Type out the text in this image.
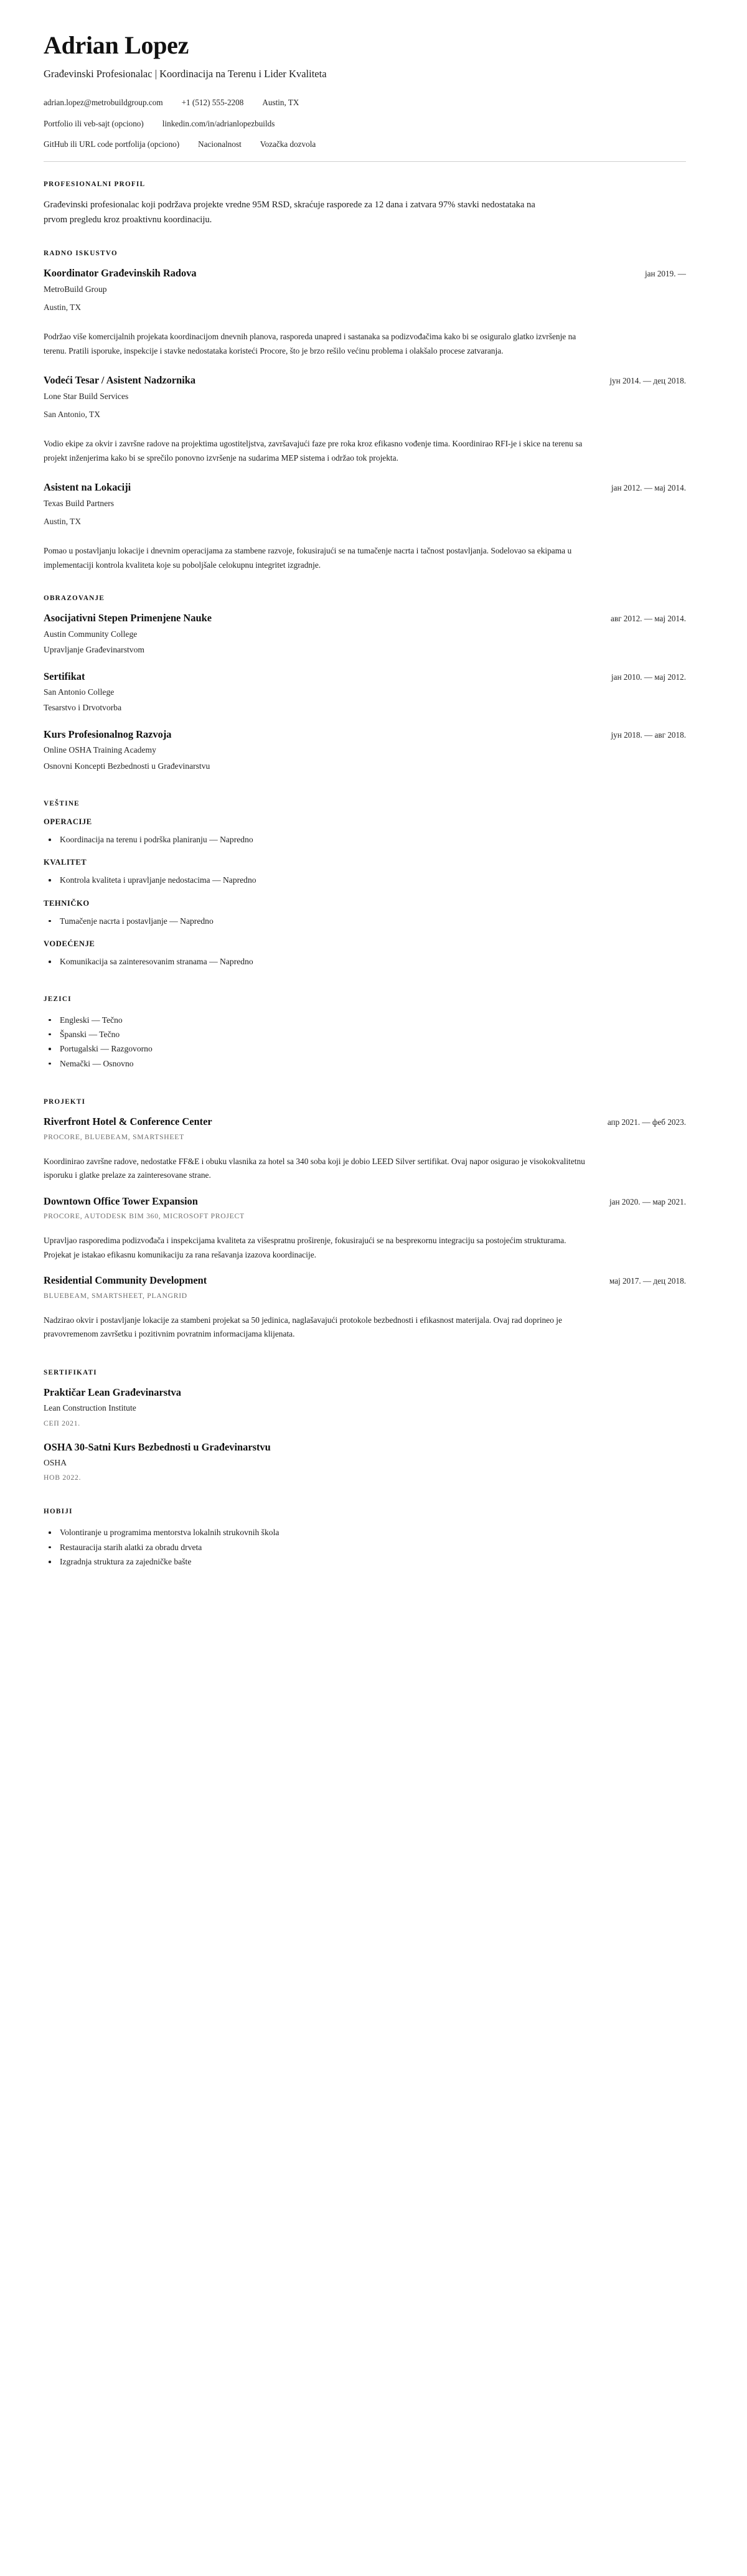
Adrian Lopez
Građevinski Profesionalac | Koordinacija na Terenu i Lider Kvaliteta
adrian.lopez@metrobuildgroup.com +1 (512) 555-2208 Austin, TX
Portfolio ili veb-sajt (opciono) linkedin.com/in/adrianlopezbuilds
GitHub ili URL code portfolija (opciono) Nacionalnost Vozačka dozvola
PROFESIONALNI PROFIL

Građevinski profesionalac koji podržava projekte vredne 95M RSD, skraćuje rasporede za 12 dana i zatvara 97% stavki nedostataka na prvom pregledu kroz proaktivnu koordinaciju.

RADNO ISKUSTVO
Koordinator Građevinskih Radova	јан 2019. —
MetroBuild Group
Austin, TX

Podržao više komercijalnih projekata koordinacijom dnevnih planova, rasporeda unapred i sastanaka sa podizvođačima kako bi se osiguralo glatko izvršenje na terenu. Pratili isporuke, inspekcije i stavke nedostataka koristeći Procore, što je brzo rešilo većinu problema i olakšalo procese zatvaranja.

Vodeći Tesar / Asistent Nadzornika	јун 2014. — дец 2018.
Lone Star Build Services
San Antonio, TX

Vodio ekipe za okvir i završne radove na projektima ugostiteljstva, završavajući faze pre roka kroz efikasno vođenje tima. Koordinirao RFI-je i skice na terenu sa projekt inženjerima kako bi se sprečilo ponovno izvršenje na sudarima MEP sistema i održao tok projekta.

Asistent na Lokaciji	јан 2012. — мај 2014.
Texas Build Partners
Austin, TX

Pomao u postavljanju lokacije i dnevnim operacijama za stambene razvoje, fokusirajući se na tumačenje nacrta i tačnost postavljanja. Sodelovao sa ekipama u implementaciji kontrola kvaliteta koje su poboljšale celokupnu integritet izgradnje.

OBRAZOVANJE
Asocijativni Stepen Primenjene Nauke	авг 2012. — мај 2014.
Austin Community College
Upravljanje Građevinarstvom
Sertifikat	јан 2010. — мај 2012.
San Antonio College
Tesarstvo i Drvotvorba
Kurs Profesionalnog Razvoja	јун 2018. — авг 2018.
Online OSHA Training Academy
Osnovni Koncepti Bezbednosti u Građevinarstvu
VEŠTINE
OPERACIJE
Koordinacija na terenu i podrška planiranju — Napredno
KVALITET
Kontrola kvaliteta i upravljanje nedostacima — Napredno
TEHNIČKO
Tumačenje nacrta i postavljanje — Napredno
VODEĆENJE
Komunikacija sa zainteresovanim stranama — Napredno
JEZICI
Engleski — Tečno
Španski — Tečno
Portugalski — Razgovorno
Nemački — Osnovno
PROJEKTI
Riverfront Hotel & Conference Center	апр 2021. — феб 2023.
PROCORE, BLUEBEAM, SMARTSHEET

Koordinirao završne radove, nedostatke FF&E i obuku vlasnika za hotel sa 340 soba koji je dobio LEED Silver sertifikat. Ovaj napor osigurao je visokokvalitetnu isporuku i glatke prelaze za zainteresovane strane.

Downtown Office Tower Expansion	јан 2020. — мар 2021.
PROCORE, AUTODESK BIM 360, MICROSOFT PROJECT

Upravljao rasporedima podizvođača i inspekcijama kvaliteta za višespratnu proširenje, fokusirajući se na bespreкornu integraciju sa postojećim strukturama. Projekat je istakao efikasnu komunikaciju za rana rešavanja izazova koordinacije.

Residential Community Development	мај 2017. — дец 2018.
BLUEBEAM, SMARTSHEET, PLANGRID

Nadzirao okvir i postavljanje lokacije za stambeni projekat sa 50 jedinica, naglašavajući protokole bezbednosti i efikasnost materijala. Ovaj rad doprineo je pravovremenom završetku i pozitivnim povratnim informacijama klijenata.

SERTIFIKATI
Praktičar Lean Građevinarstva
Lean Construction Institute
СЕП 2021.
OSHA 30-Satni Kurs Bezbednosti u Građevinarstvu
OSHA
НОВ 2022.
HOBIJI
Volontiranje u programima mentorstva lokalnih strukovnih škola
Restauracija starih alatki za obradu drveta
Izgradnja struktura za zajedničke bašte
